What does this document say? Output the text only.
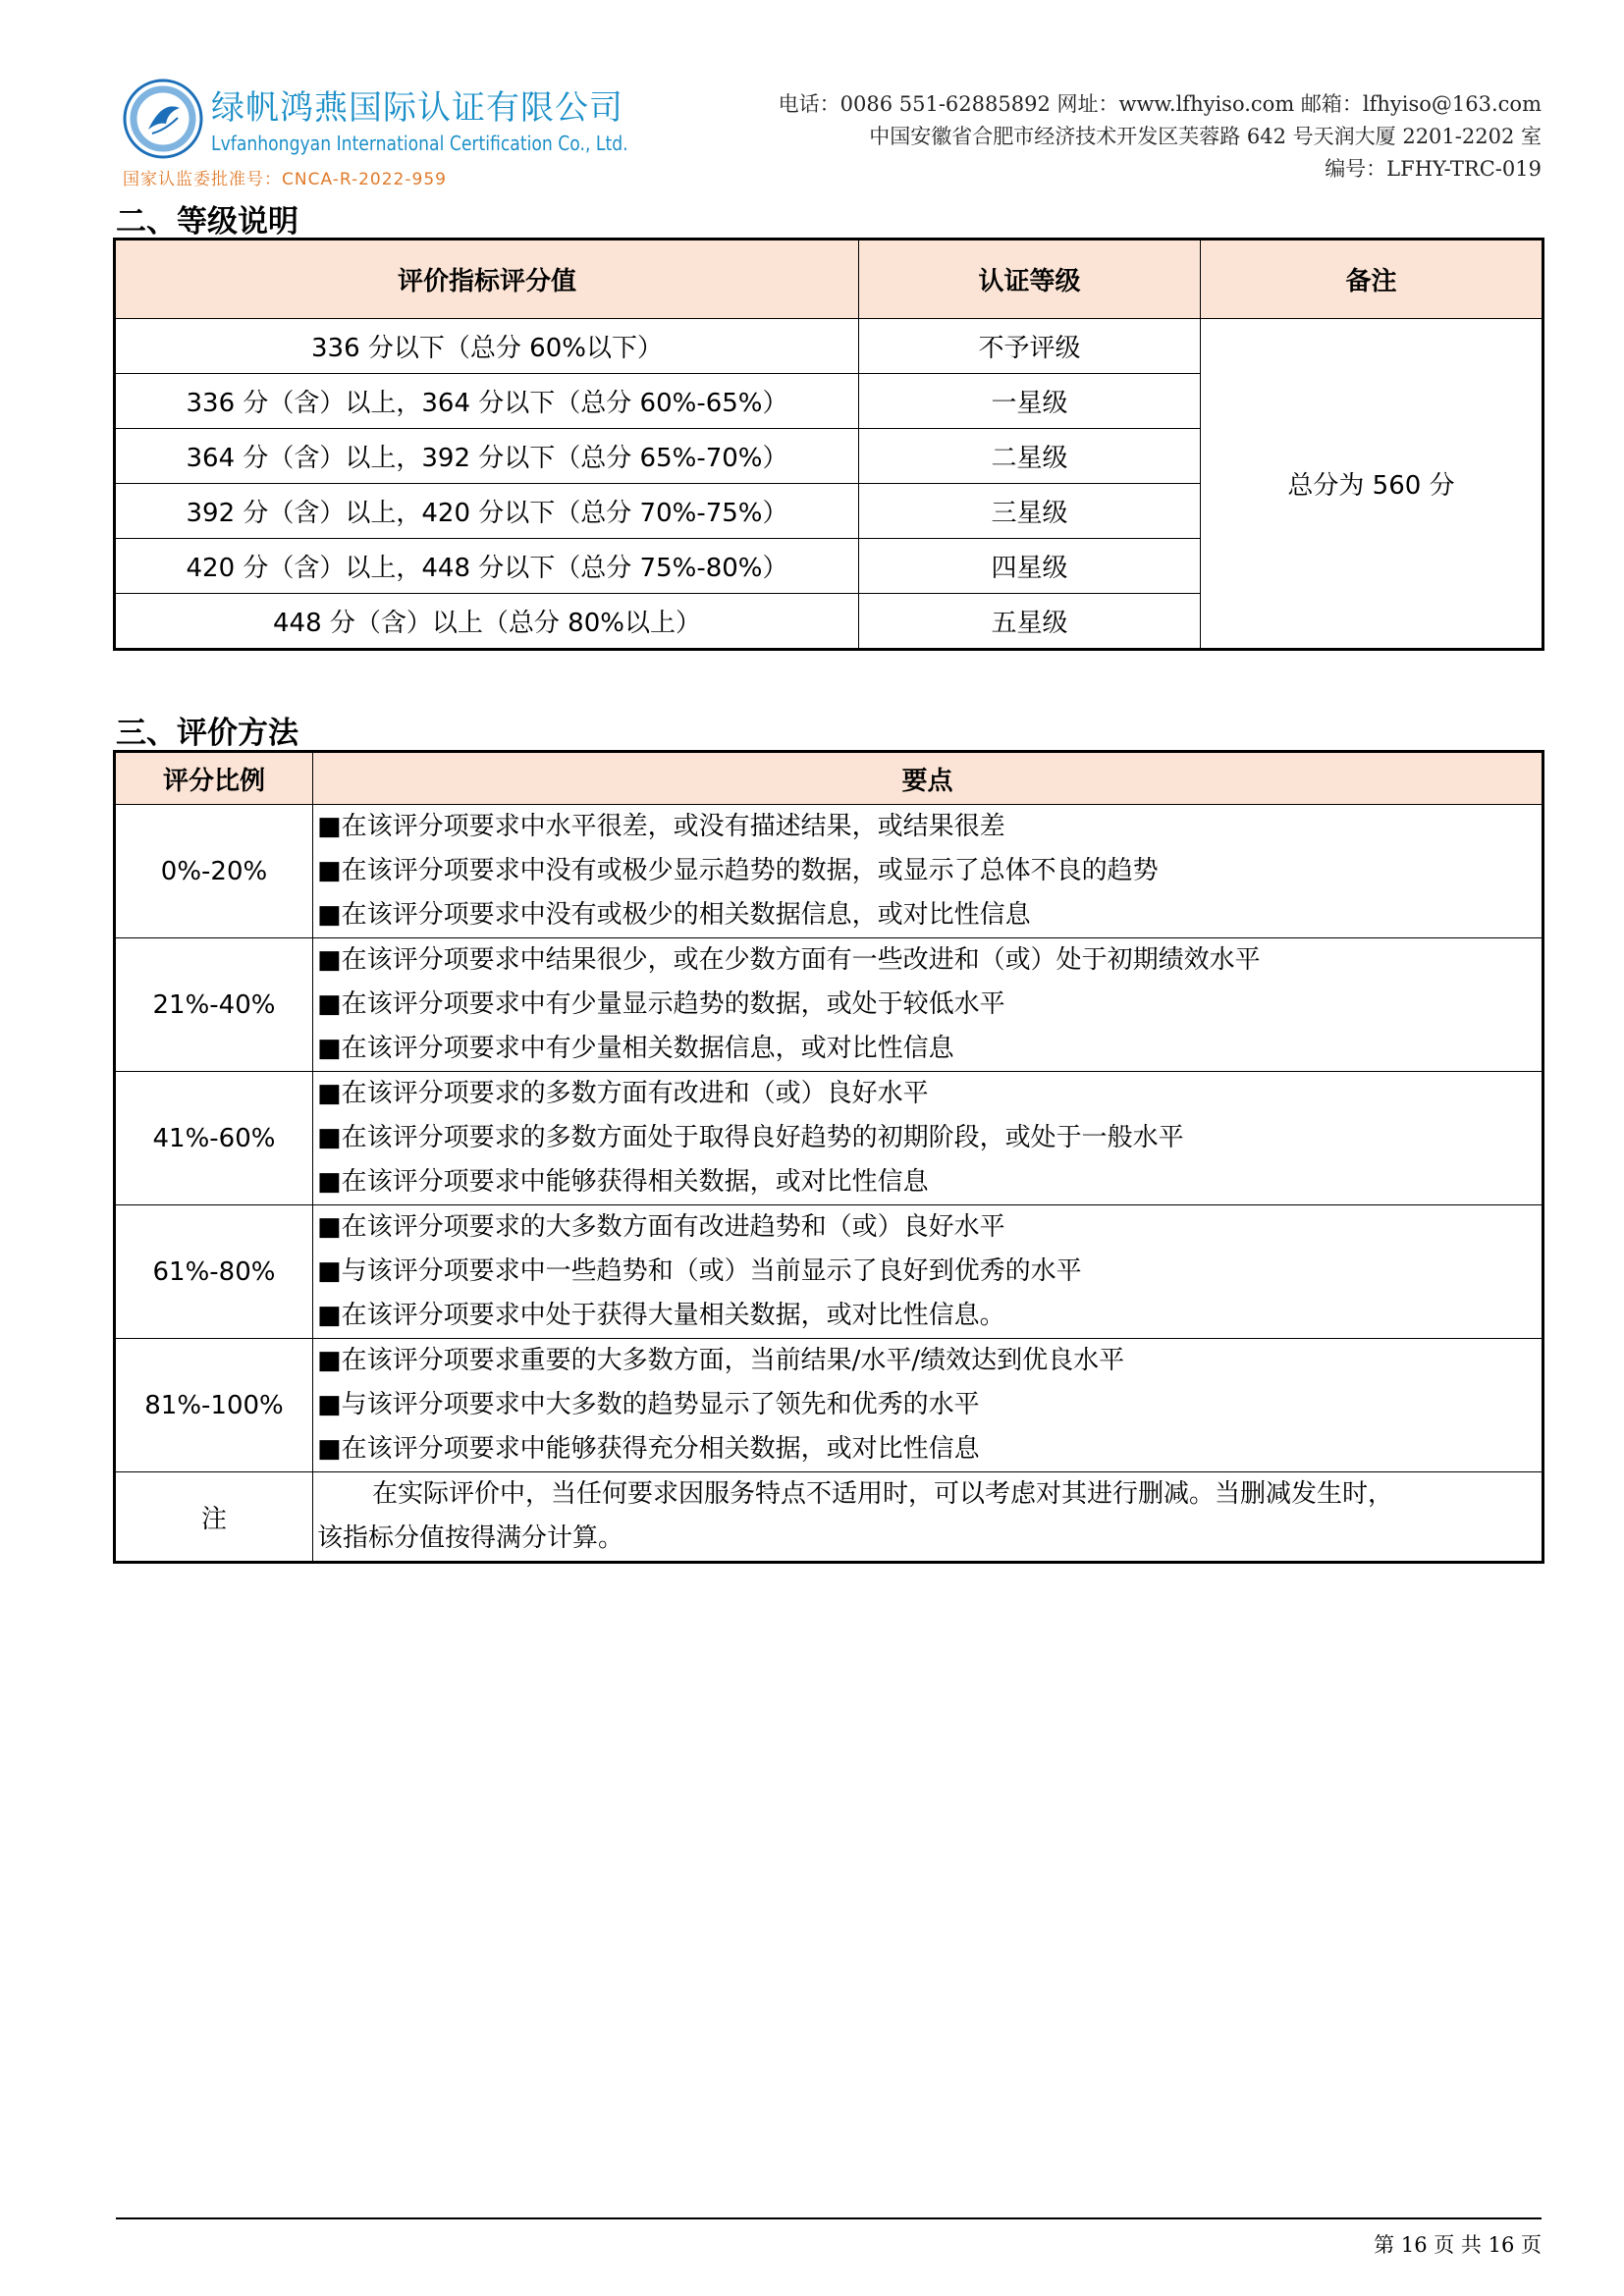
绿帆鸿燕国际认证有限公司
Lvfanhongyan International Certification Co., Ltd.
国家认监委批准号：CNCA-R-2022-959
电话：0086 551-62885892 网址：www.lfhyiso.com 邮箱：lfhyiso@163.com
中国安徽省合肥市经济技术开发区芙蓉路 642 号天润大厦 2201-2202 室
编号：LFHY-TRC-019
二、等级说明
评价指标评分值	认证等级	备注
336 分以下（总分 60%以下）	不予评级	总分为 560 分
336 分（含）以上，364 分以下（总分 60%-65%）	一星级	
364 分（含）以上，392 分以下（总分 65%-70%）	二星级	
392 分（含）以上，420 分以下（总分 70%-75%）	三星级	
420 分（含）以上，448 分以下（总分 75%-80%）	四星级	
448 分（含）以上（总分 80%以上）	五星级	
三、评价方法
评分比例	要点
0%-20%	■在该评分项要求中水平很差，或没有描述结果，或结果很差
■在该评分项要求中没有或极少显示趋势的数据，或显示了总体不良的趋势
■在该评分项要求中没有或极少的相关数据信息，或对比性信息

21%-40%	■在该评分项要求中结果很少，或在少数方面有一些改进和（或）处于初期绩效水平
■在该评分项要求中有少量显示趋势的数据，或处于较低水平
■在该评分项要求中有少量相关数据信息，或对比性信息

41%-60%	■在该评分项要求的多数方面有改进和（或）良好水平
■在该评分项要求的多数方面处于取得良好趋势的初期阶段，或处于一般水平
■在该评分项要求中能够获得相关数据，或对比性信息

61%-80%	■在该评分项要求的大多数方面有改进趋势和（或）良好水平
■与该评分项要求中一些趋势和（或）当前显示了良好到优秀的水平
■在该评分项要求中处于获得大量相关数据，或对比性信息。

81%-100%	■在该评分项要求重要的大多数方面，当前结果/水平/绩效达到优良水平
■与该评分项要求中大多数的趋势显示了领先和优秀的水平
■在该评分项要求中能够获得充分相关数据，或对比性信息

注	在实际评价中，当任何要求因服务特点不适用时，可以考虑对其进行删减。当删减发生时，
该指标分值按得满分计算。
第 16 页 共 16 页
